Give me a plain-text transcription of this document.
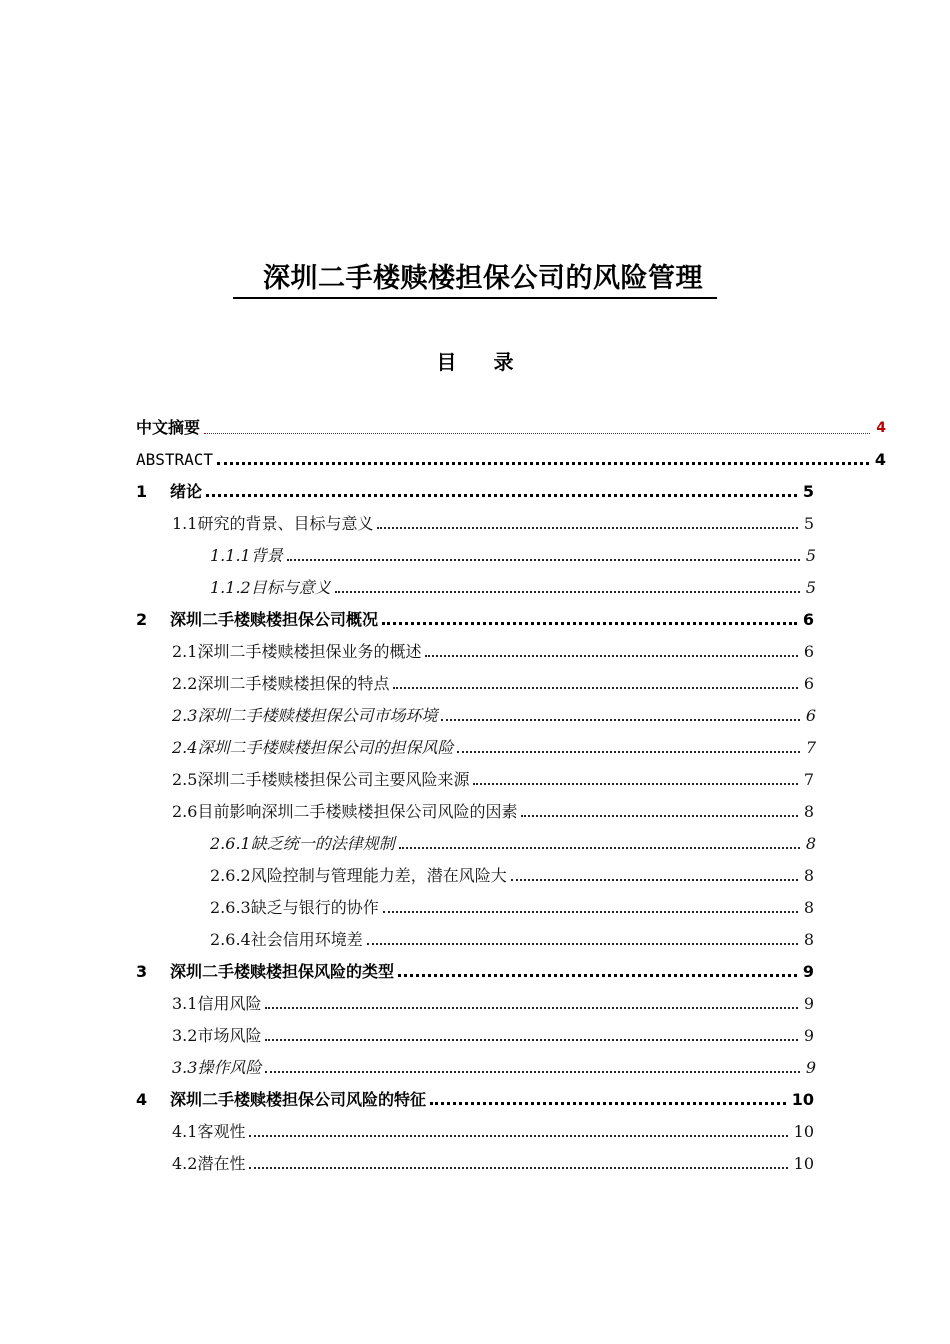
深圳二手楼赎楼担保公司的风险管理
目 录
中文摘要	4
ABSTRACT	4
1	绪论	5
1.1研究的背景、目标与意义	5
1.1.1背景	5
1.1.2目标与意义	5
2	深圳二手楼赎楼担保公司概况	6
2.1深圳二手楼赎楼担保业务的概述	6
2.2深圳二手楼赎楼担保的特点	6
2.3深圳二手楼赎楼担保公司市场环境	6
2.4深圳二手楼赎楼担保公司的担保风险	7
2.5深圳二手楼赎楼担保公司主要风险来源	7
2.6目前影响深圳二手楼赎楼担保公司风险的因素	8
2.6.1缺乏统一的法律规制	8
2.6.2风险控制与管理能力差，潜在风险大	8
2.6.3缺乏与银行的协作	8
2.6.4社会信用环境差	8
3	深圳二手楼赎楼担保风险的类型	9
3.1信用风险	9
3.2市场风险	9
3.3操作风险	9
4	深圳二手楼赎楼担保公司风险的特征	10
4.1客观性	10
4.2潜在性	10
